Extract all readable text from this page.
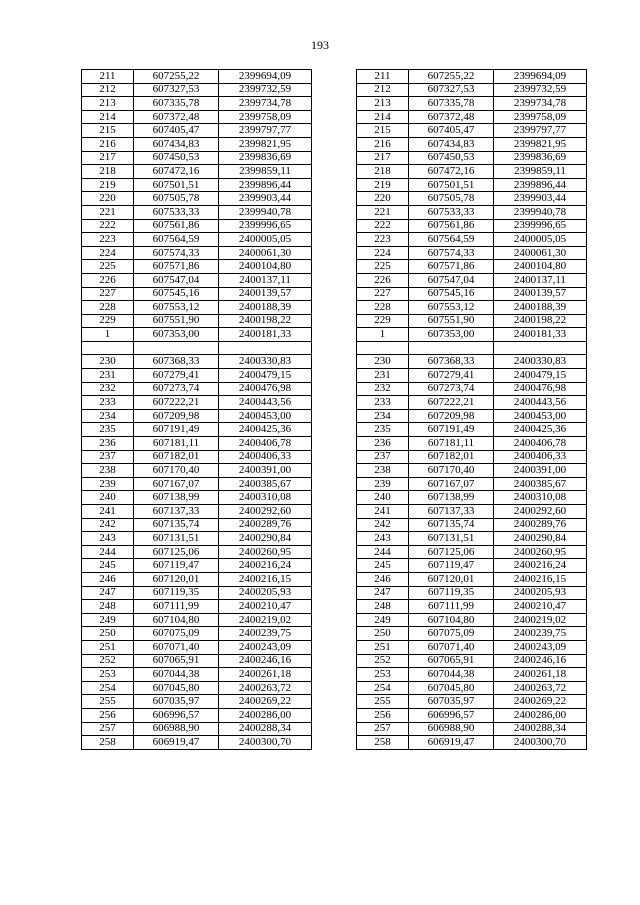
193
211	607255,22	2399694,09		211	607255,22	2399694,09
212	607327,53	2399732,59		212	607327,53	2399732,59
213	607335,78	2399734,78		213	607335,78	2399734,78
214	607372,48	2399758,09		214	607372,48	2399758,09
215	607405,47	2399797,77		215	607405,47	2399797,77
216	607434,83	2399821,95		216	607434,83	2399821,95
217	607450,53	2399836,69		217	607450,53	2399836,69
218	607472,16	2399859,11		218	607472,16	2399859,11
219	607501,51	2399896,44		219	607501,51	2399896,44
220	607505,78	2399903,44		220	607505,78	2399903,44
221	607533,33	2399940,78		221	607533,33	2399940,78
222	607561,86	2399996,65		222	607561,86	2399996,65
223	607564,59	2400005,05		223	607564,59	2400005,05
224	607574,33	2400061,30		224	607574,33	2400061,30
225	607571,86	2400104,80		225	607571,86	2400104,80
226	607547,04	2400137,11		226	607547,04	2400137,11
227	607545,16	2400139,57		227	607545,16	2400139,57
228	607553,12	2400188,39		228	607553,12	2400188,39
229	607551,90	2400198,22		229	607551,90	2400198,22
1	607353,00	2400181,33		1	607353,00	2400181,33

230	607368,33	2400330,83		230	607368,33	2400330,83
231	607279,41	2400479,15		231	607279,41	2400479,15
232	607273,74	2400476,98		232	607273,74	2400476,98
233	607222,21	2400443,56		233	607222,21	2400443,56
234	607209,98	2400453,00		234	607209,98	2400453,00
235	607191,49	2400425,36		235	607191,49	2400425,36
236	607181,11	2400406,78		236	607181,11	2400406,78
237	607182,01	2400406,33		237	607182,01	2400406,33
238	607170,40	2400391,00		238	607170,40	2400391,00
239	607167,07	2400385,67		239	607167,07	2400385,67
240	607138,99	2400310,08		240	607138,99	2400310,08
241	607137,33	2400292,60		241	607137,33	2400292,60
242	607135,74	2400289,76		242	607135,74	2400289,76
243	607131,51	2400290,84		243	607131,51	2400290,84
244	607125,06	2400260,95		244	607125,06	2400260,95
245	607119,47	2400216,24		245	607119,47	2400216,24
246	607120,01	2400216,15		246	607120,01	2400216,15
247	607119,35	2400205,93		247	607119,35	2400205,93
248	607111,99	2400210,47		248	607111,99	2400210,47
249	607104,80	2400219,02		249	607104,80	2400219,02
250	607075,09	2400239,75		250	607075,09	2400239,75
251	607071,40	2400243,09		251	607071,40	2400243,09
252	607065,91	2400246,16		252	607065,91	2400246,16
253	607044,38	2400261,18		253	607044,38	2400261,18
254	607045,80	2400263,72		254	607045,80	2400263,72
255	607035,97	2400269,22		255	607035,97	2400269,22
256	606996,57	2400286,00		256	606996,57	2400286,00
257	606988,90	2400288,34		257	606988,90	2400288,34
258	606919,47	2400300,70		258	606919,47	2400300,70
